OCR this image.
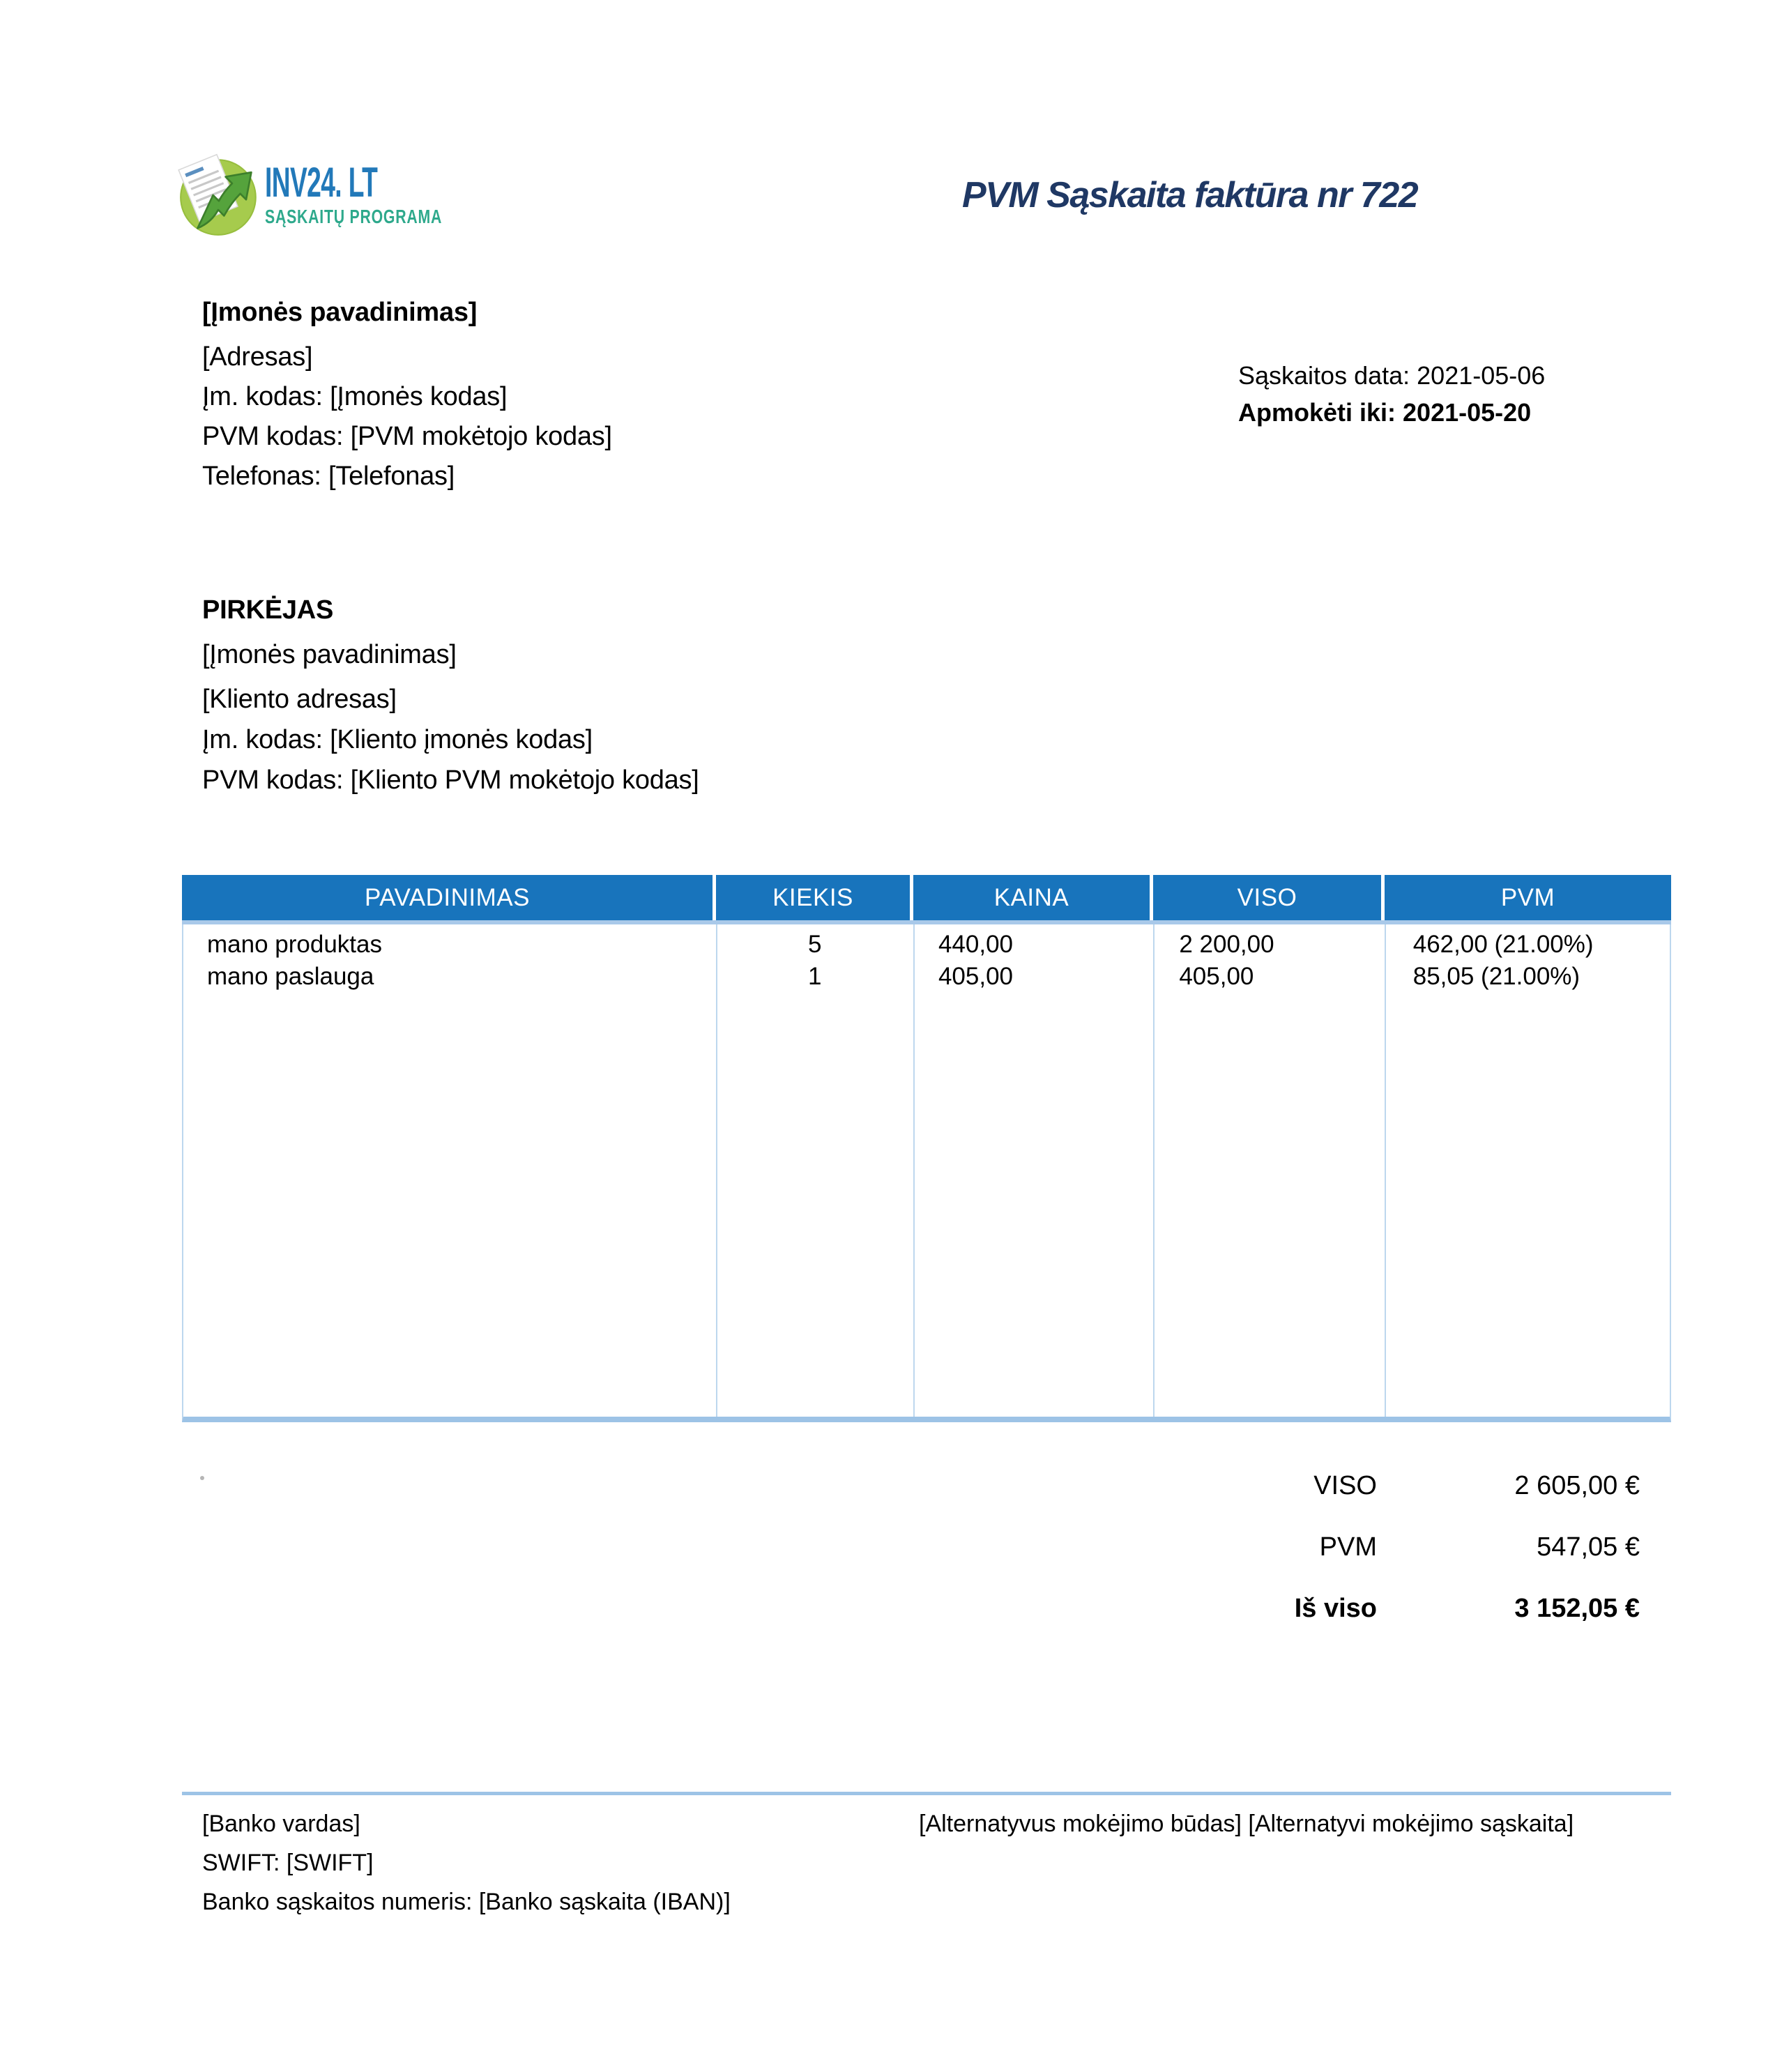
INV24. LT
SĄSKAITŲ PROGRAMA
PVM Sąskaita faktūra nr 722
[Įmonės pavadinimas]
[Adresas]
Įm. kodas: [Įmonės kodas]
PVM kodas: [PVM mokėtojo kodas]
Telefonas: [Telefonas]
Sąskaitos data: 2021-05-06
Apmokėti iki: 2021-05-20
PIRKĖJAS
[Įmonės pavadinimas]
[Kliento adresas]
Įm. kodas: [Kliento įmonės kodas]
PVM kodas: [Kliento PVM mokėtojo kodas]
PAVADINIMAS	KIEKIS	KAINA	VISO	PVM
mano produktas	5	440,00	2 200,00	462,00 (21.00%)
mano paslauga	1	405,00	405,00	85,05 (21.00%)
VISO	2 605,00 €
PVM	547,05 €
Iš viso	3 152,05 €
[Banko vardas]
SWIFT: [SWIFT]
Banko sąskaitos numeris: [Banko sąskaita (IBAN)]
[Alternatyvus mokėjimo būdas] [Alternatyvi mokėjimo sąskaita]
